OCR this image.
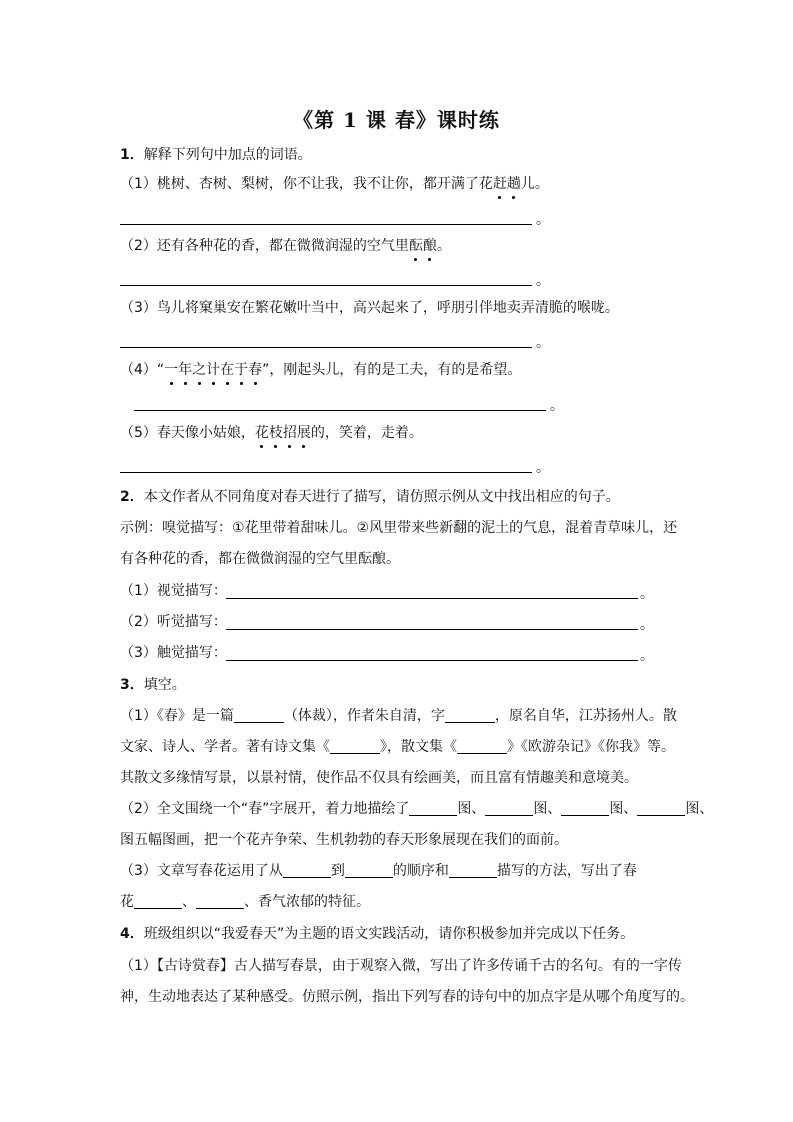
《第 1 课 春》课时练
1．解释下列句中加点的词语。
（1）桃树、杏树、梨树，你不让我，我不让你，都开满了花赶趟儿。
。
（2）还有各种花的香，都在微微润湿的空气里酝酿。
。
（3）鸟儿将窠巢安在繁花嫩叶当中，高兴起来了，呼朋引伴地卖弄清脆的喉咙。
。
（4）“一年之计在于春”，刚起头儿，有的是工夫，有的是希望。
。
（5）春天像小姑娘，花枝招展的，笑着，走着。
。
2．本文作者从不同角度对春天进行了描写，请仿照示例从文中找出相应的句子。
示例：嗅觉描写：①花里带着甜味儿。②风里带来些新翻的泥土的气息，混着青草味儿，还
有各种花的香，都在微微润湿的空气里酝酿。
（1）视觉描写：	。
（2）听觉描写：	。
（3）触觉描写：	。
3．填空。
（1）《春》是一篇	（体裁），作者朱自清，字	，原名自华，江苏扬州人。散
文家、诗人、学者。著有诗文集《	》，散文集《	》《欧游杂记》《你我》等。
其散文多缘情写景，以景衬情，使作品不仅具有绘画美，而且富有情趣美和意境美。
（2）全文围绕一个“春”字展开，着力地描绘了	图、	图、	图、	图、
图五幅图画，把一个花卉争荣、生机勃勃的春天形象展现在我们的面前。
（3）文章写春花运用了从	到	的顺序和	描写的方法，写出了春
花	、	、香气浓郁的特征。
4．班级组织以“我爱春天”为主题的语文实践活动，请你积极参加并完成以下任务。
（1）【古诗赏春】古人描写春景，由于观察入微，写出了许多传诵千古的名句。有的一字传
神，生动地表达了某种感受。仿照示例，指出下列写春的诗句中的加点字是从哪个角度写的。
